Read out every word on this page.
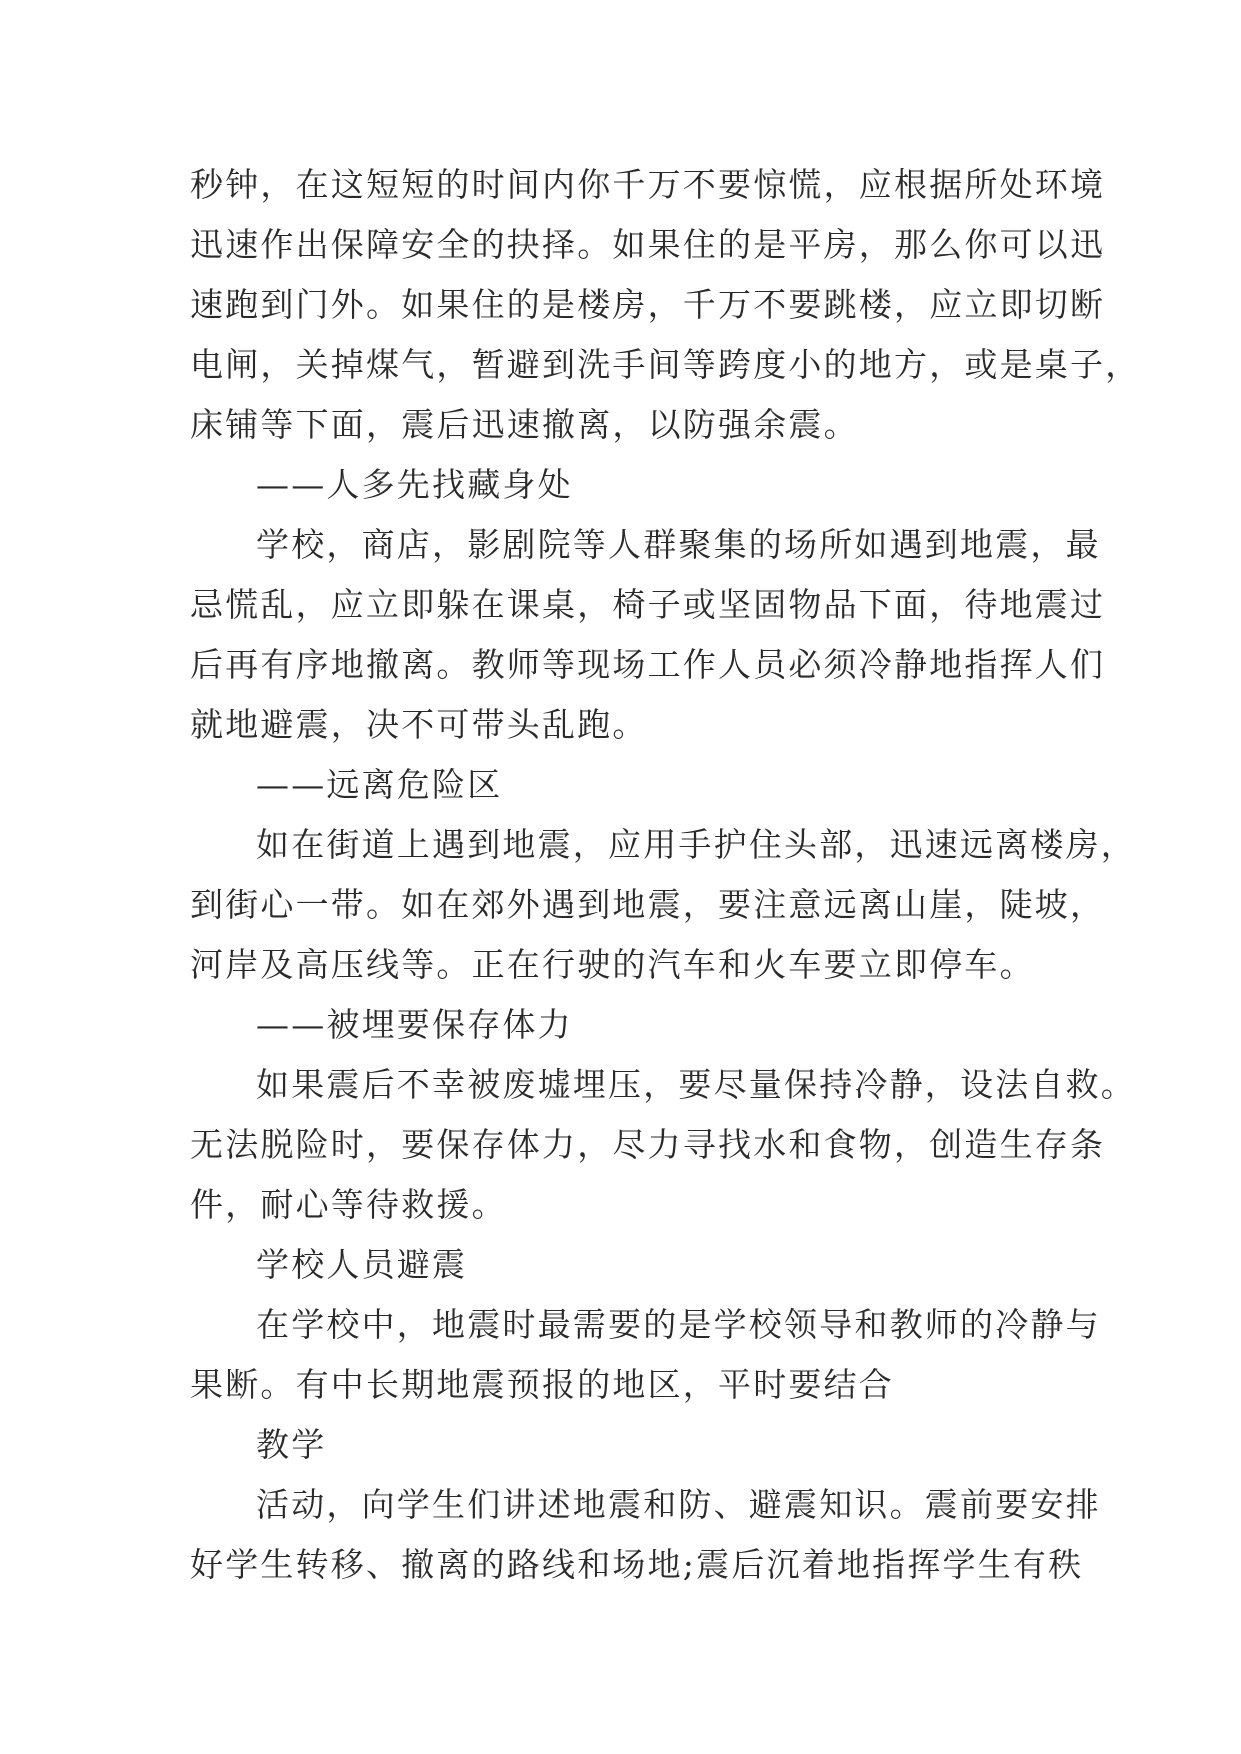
秒钟，在这短短的时间内你千万不要惊慌，应根据所处环境
迅速作出保障安全的抉择。如果住的是平房，那么你可以迅
速跑到门外。如果住的是楼房，千万不要跳楼，应立即切断
电闸，关掉煤气，暂避到洗手间等跨度小的地方，或是桌子，
床铺等下面，震后迅速撤离，以防强余震。
——人多先找藏身处
学校，商店，影剧院等人群聚集的场所如遇到地震，最
忌慌乱，应立即躲在课桌，椅子或坚固物品下面，待地震过
后再有序地撤离。教师等现场工作人员必须冷静地指挥人们
就地避震，决不可带头乱跑。
——远离危险区
如在街道上遇到地震，应用手护住头部，迅速远离楼房，
到街心一带。如在郊外遇到地震，要注意远离山崖，陡坡，
河岸及高压线等。正在行驶的汽车和火车要立即停车。
——被埋要保存体力
如果震后不幸被废墟埋压，要尽量保持冷静，设法自救。
无法脱险时，要保存体力，尽力寻找水和食物，创造生存条
件，耐心等待救援。
学校人员避震
在学校中，地震时最需要的是学校领导和教师的冷静与
果断。有中长期地震预报的地区，平时要结合
教学
活动，向学生们讲述地震和防、避震知识。震前要安排
好学生转移、撤离的路线和场地;震后沉着地指挥学生有秩
